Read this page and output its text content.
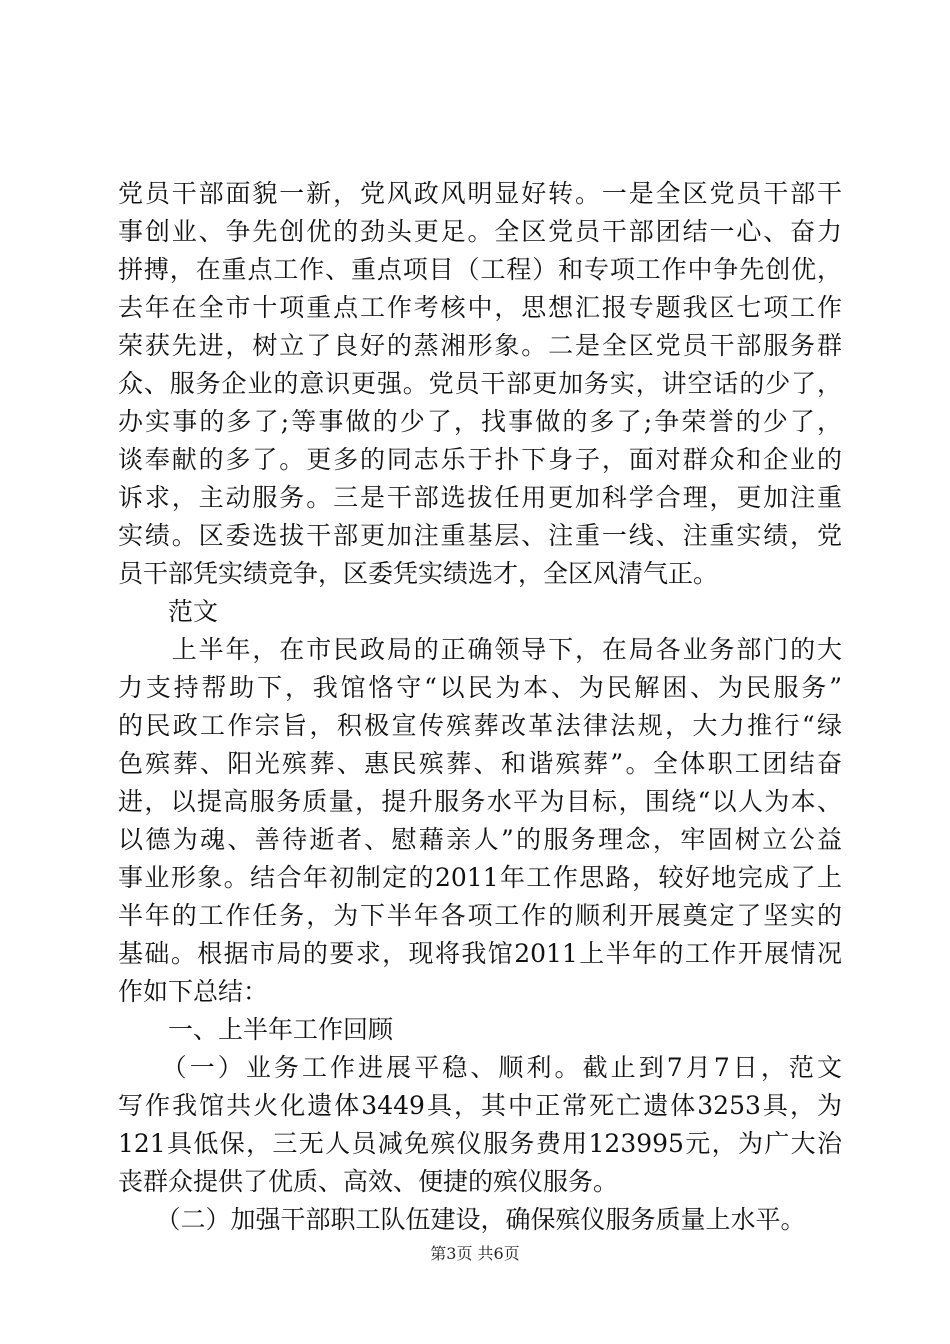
党员干部面貌一新，党风政风明显好转。一是全区党员干部干
事创业、争先创优的劲头更足。全区党员干部团结一心、奋力
拼搏，在重点工作、重点项目（工程）和专项工作中争先创优，
去年在全市十项重点工作考核中，思想汇报专题我区七项工作
荣获先进，树立了良好的蒸湘形象。二是全区党员干部服务群
众、服务企业的意识更强。党员干部更加务实，讲空话的少了，
办实事的多了;等事做的少了，找事做的多了;争荣誉的少了，
谈奉献的多了。更多的同志乐于扑下身子，面对群众和企业的
诉求，主动服务。三是干部选拔任用更加科学合理，更加注重
实绩。区委选拔干部更加注重基层、注重一线、注重实绩，党
员干部凭实绩竞争，区委凭实绩选才，全区风清气正。
　　范文
　　上半年，在市民政局的正确领导下，在局各业务部门的大
力支持帮助下，我馆恪守“以民为本、为民解困、为民服务”
的民政工作宗旨，积极宣传殡葬改革法律法规，大力推行“绿
色殡葬、阳光殡葬、惠民殡葬、和谐殡葬”。全体职工团结奋
进，以提高服务质量，提升服务水平为目标，围绕“以人为本、
以德为魂、善待逝者、慰藉亲人”的服务理念，牢固树立公益
事业形象。结合年初制定的2011年工作思路，较好地完成了上
半年的工作任务，为下半年各项工作的顺利开展奠定了坚实的
基础。根据市局的要求，现将我馆2011上半年的工作开展情况
作如下总结：
　　一、上半年工作回顾
　　（一）业务工作进展平稳、顺利。截止到7月7日，范文
写作我馆共火化遗体3449具，其中正常死亡遗体3253具，为
121具低保，三无人员减免殡仪服务费用123995元，为广大治
丧群众提供了优质、高效、便捷的殡仪服务。
　　（二）加强干部职工队伍建设，确保殡仪服务质量上水平。
第3页 共6页
